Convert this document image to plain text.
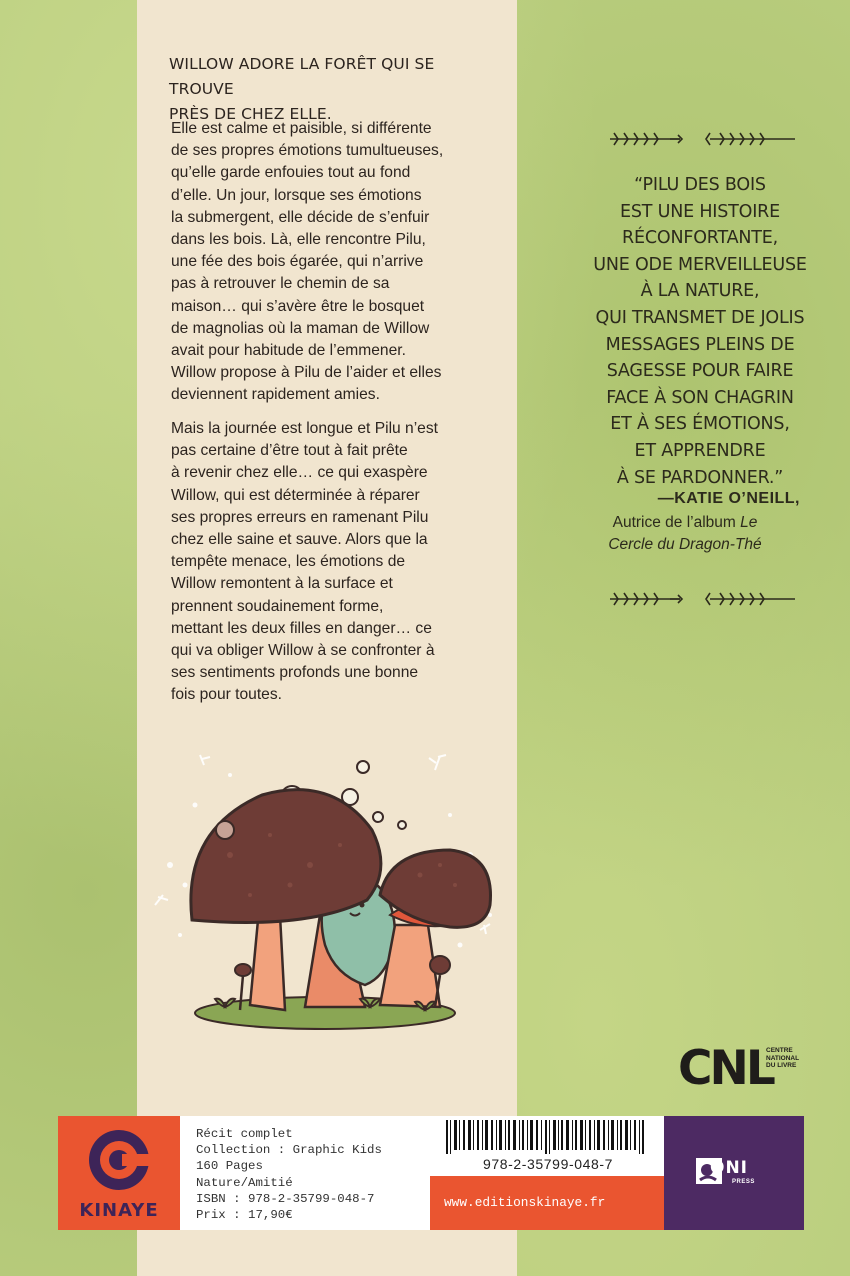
WILLOW ADORE LA FORÊT QUI SE TROUVE
PRÈS DE CHEZ ELLE.
Elle est calme et paisible, si différente
de ses propres émotions tumultueuses,
qu’elle garde enfouies tout au fond
d’elle. Un jour, lorsque ses émotions
la submergent, elle décide de s’enfuir
dans les bois. Là, elle rencontre Pilu,
une fée des bois égarée, qui n’arrive
pas à retrouver le chemin de sa
maison… qui s’avère être le bosquet
de magnolias où la maman de Willow
avait pour habitude de l’emmener.
Willow propose à Pilu de l’aider et elles
deviennent rapidement amies.
Mais la journée est longue et Pilu n’est
pas certaine d’être tout à fait prête
à revenir chez elle… ce qui exaspère
Willow, qui est déterminée à réparer
ses propres erreurs en ramenant Pilu
chez elle saine et sauve. Alors que la
tempête menace, les émotions de
Willow remontent à la surface et
prennent soudainement forme,
mettant les deux filles en danger… ce
qui va obliger Willow à se confronter à
ses sentiments profonds une bonne
fois pour toutes.
“PILU DES BOIS
EST UNE HISTOIRE
RÉCONFORTANTE,
UNE ODE MERVEILLEUSE
À LA NATURE,
QUI TRANSMET DE JOLIS
MESSAGES PLEINS DE
SAGESSE POUR FAIRE
FACE À SON CHAGRIN
ET À SES ÉMOTIONS,
ET APPRENDRE
À SE PARDONNER.”
—KATIE O’NEILL,
Autrice de l’album Le
Cercle du Dragon-Thé
CNL
CENTRE
NATIONAL
DU LIVRE
KINAYE
Récit complet
Collection : Graphic Kids
160 Pages
Nature/Amitié
ISBN : 978-2-35799-048-7
Prix : 17,90€
978-2-35799-048-7
www.editionskinaye.fr
ONI
PRESS
